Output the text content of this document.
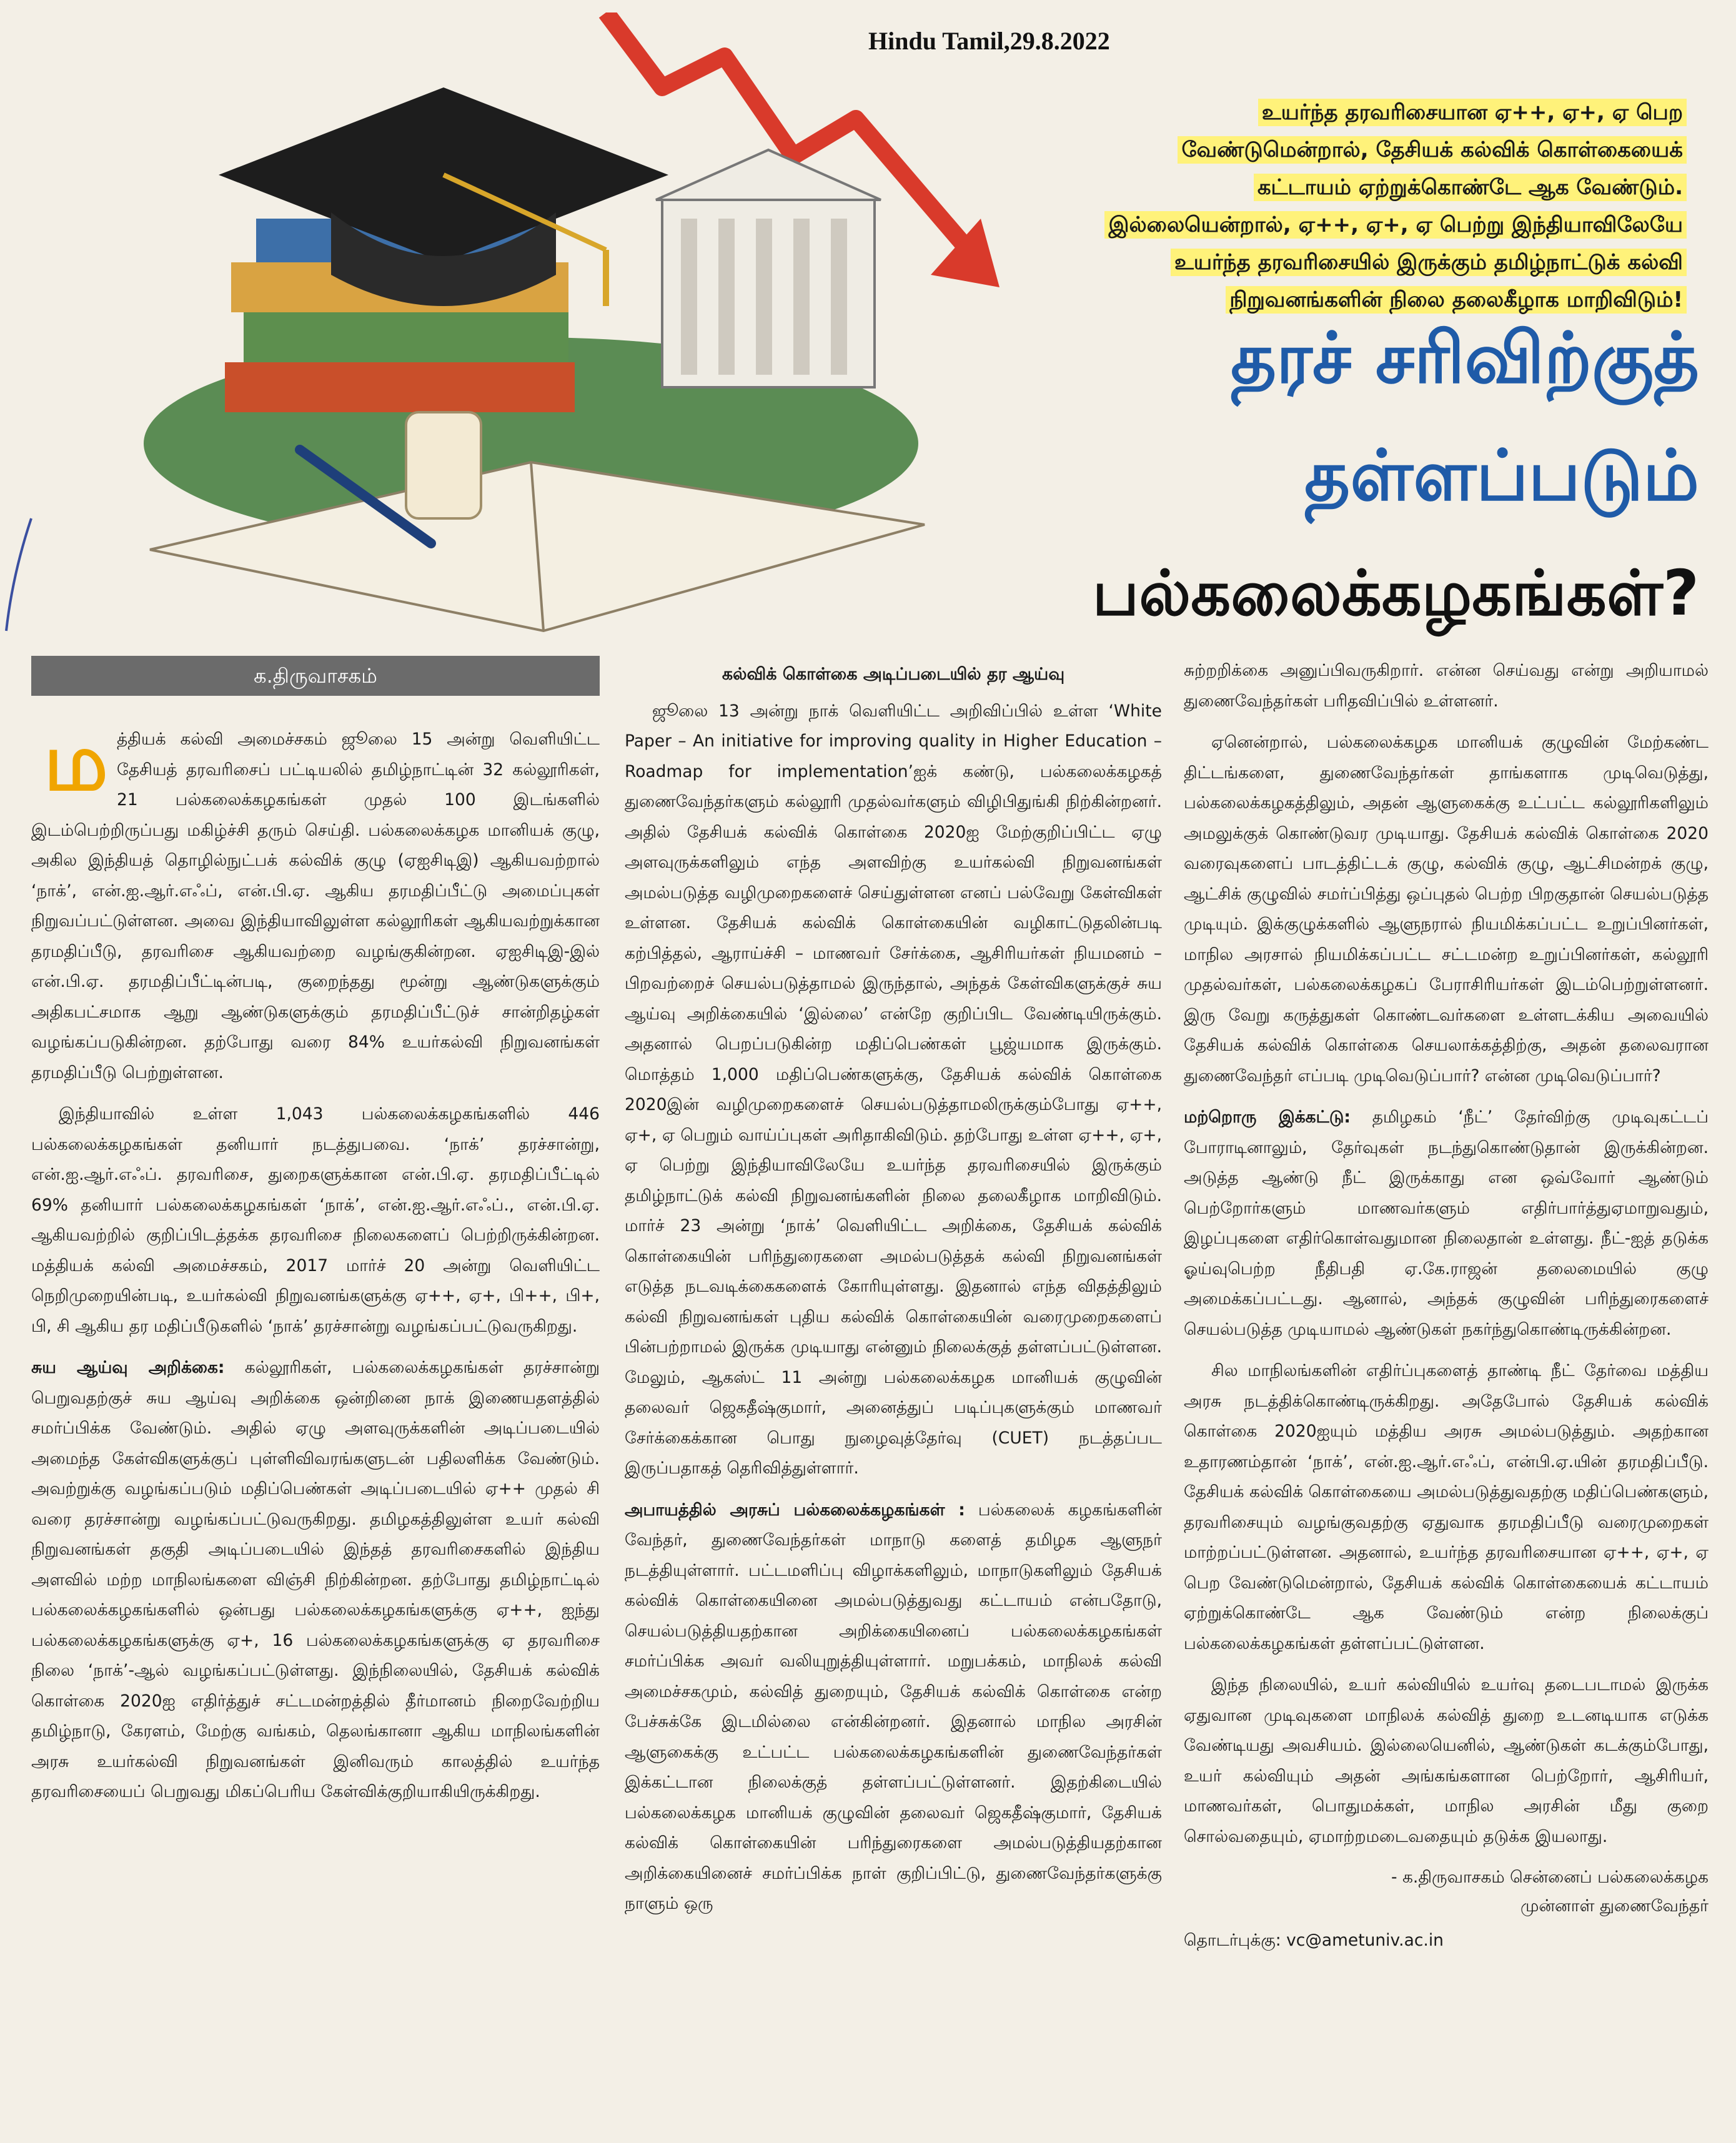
Hindu Tamil,29.8.2022
உயர்ந்த தரவரிசையான ஏ++, ஏ+, ஏ பெற
வேண்டுமென்றால், தேசியக் கல்விக் கொள்கையைக்
கட்டாயம் ஏற்றுக்கொண்டே ஆக வேண்டும்.
இல்லையென்றால், ஏ++, ஏ+, ஏ பெற்று இந்தியாவிலேயே
உயர்ந்த தரவரிசையில் இருக்கும் தமிழ்நாட்டுக் கல்வி
நிறுவனங்களின் நிலை தலைகீழாக மாறிவிடும்!
தரச் சரிவிற்குத்
தள்ளப்படும்
பல்கலைக்கழகங்கள்?
க.திருவாசகம்

மத்தியக் கல்வி அமைச்சகம் ஜூலை 15 அன்று வெளியிட்ட தேசியத் தரவரிசைப் பட்டியலில் தமிழ்நாட்டின் 32 கல்லூரிகள், 21 பல்கலைக்கழகங்கள் முதல் 100 இடங்களில் இடம்பெற்றிருப்பது மகிழ்ச்சி தரும் செய்தி. பல்கலைக்கழக மானியக் குழு, அகில இந்தியத் தொழில்நுட்பக் கல்விக் குழு (ஏஐசிடிஇ) ஆகியவற்றால் ‘நாக்’, என்.ஐ.ஆர்.எஃப், என்.பி.ஏ. ஆகிய தரமதிப்பீட்டு அமைப்புகள் நிறுவப்பட்டுள்ளன. அவை இந்தியாவிலுள்ள கல்லூரிகள் ஆகியவற்றுக்கான தரமதிப்பீடு, தரவரிசை ஆகியவற்றை வழங்குகின்றன. ஏஐசிடிஇ-இல் என்.பி.ஏ. தரமதிப்பீட்டின்படி, குறைந்தது மூன்று ஆண்டுகளுக்கும் அதிகபட்சமாக ஆறு ஆண்டுகளுக்கும் தரமதிப்பீட்டுச் சான்றிதழ்கள் வழங்கப்படுகின்றன. தற்போது வரை 84% உயர்கல்வி நிறுவனங்கள் தரமதிப்பீடு பெற்றுள்ளன.

இந்தியாவில் உள்ள 1,043 பல்கலைக்கழகங்களில் 446 பல்கலைக்கழகங்கள் தனியார் நடத்துபவை. ‘நாக்’ தரச்சான்று, என்.ஐ.ஆர்.எஃப். தரவரிசை, துறைகளுக்கான என்.பி.ஏ. தரமதிப்பீட்டில் 69% தனியார் பல்கலைக்கழகங்கள் ‘நாக்’, என்.ஐ.ஆர்.எஃப்., என்.பி.ஏ. ஆகியவற்றில் குறிப்பிடத்தக்க தரவரிசை நிலைகளைப் பெற்றிருக்கின்றன. மத்தியக் கல்வி அமைச்சகம், 2017 மார்ச் 20 அன்று வெளியிட்ட நெறிமுறையின்படி, உயர்கல்வி நிறுவனங்களுக்கு ஏ++, ஏ+, பி++, பி+, பி, சி ஆகிய தர மதிப்பீடுகளில் ‘நாக்’ தரச்சான்று வழங்கப்பட்டுவருகிறது.

சுய ஆய்வு அறிக்கை: கல்லூரிகள், பல்கலைக்கழகங்கள் தரச்சான்று பெறுவதற்குச் சுய ஆய்வு அறிக்கை ஒன்றினை நாக் இணையதளத்தில் சமர்ப்பிக்க வேண்டும். அதில் ஏழு அளவுருக்களின் அடிப்படையில் அமைந்த கேள்விகளுக்குப் புள்ளிவிவரங்களுடன் பதிலளிக்க வேண்டும். அவற்றுக்கு வழங்கப்படும் மதிப்பெண்கள் அடிப்படையில் ஏ++ முதல் சி வரை தரச்சான்று வழங்கப்பட்டுவருகிறது. தமிழகத்திலுள்ள உயர் கல்வி நிறுவனங்கள் தகுதி அடிப்படையில் இந்தத் தரவரிசைகளில் இந்திய அளவில் மற்ற மாநிலங்களை விஞ்சி நிற்கின்றன. தற்போது தமிழ்நாட்டில் பல்கலைக்கழகங்களில் ஒன்பது பல்கலைக்கழகங்களுக்கு ஏ++, ஐந்து பல்கலைக்கழகங்களுக்கு ஏ+, 16 பல்கலைக்கழகங்களுக்கு ஏ தரவரிசை நிலை ‘நாக்’-ஆல் வழங்கப்பட்டுள்ளது. இந்நிலையில், தேசியக் கல்விக் கொள்கை 2020ஐ எதிர்த்துச் சட்டமன்றத்தில் தீர்மானம் நிறைவேற்றிய தமிழ்நாடு, கேரளம், மேற்கு வங்கம், தெலங்கானா ஆகிய மாநிலங்களின் அரசு உயர்கல்வி நிறுவனங்கள் இனிவரும் காலத்தில் உயர்ந்த தரவரிசையைப் பெறுவது மிகப்பெரிய கேள்விக்குறியாகியிருக்கிறது.

கல்விக் கொள்கை அடிப்படையில் தர ஆய்வு

ஜூலை 13 அன்று நாக் வெளியிட்ட அறிவிப்பில் உள்ள ‘White Paper – An initiative for improving quality in Higher Education – Roadmap for implementation’ஐக் கண்டு, பல்கலைக்கழகத் துணைவேந்தர்களும் கல்லூரி முதல்வர்களும் விழிபிதுங்கி நிற்கின்றனர். அதில் தேசியக் கல்விக் கொள்கை 2020ஐ மேற்குறிப்பிட்ட ஏழு அளவுருக்களிலும் எந்த அளவிற்கு உயர்கல்வி நிறுவனங்கள் அமல்படுத்த வழிமுறைகளைச் செய்துள்ளன எனப் பல்வேறு கேள்விகள் உள்ளன. தேசியக் கல்விக் கொள்கையின் வழிகாட்டுதலின்படி கற்பித்தல், ஆராய்ச்சி – மாணவர் சேர்க்கை, ஆசிரியர்கள் நியமனம் – பிறவற்றைச் செயல்படுத்தாமல் இருந்தால், அந்தக் கேள்விகளுக்குச் சுய ஆய்வு அறிக்கையில் ‘இல்லை’ என்றே குறிப்பிட வேண்டியிருக்கும். அதனால் பெறப்படுகின்ற மதிப்பெண்கள் பூஜ்யமாக இருக்கும். மொத்தம் 1,000 மதிப்பெண்களுக்கு, தேசியக் கல்விக் கொள்கை 2020இன் வழிமுறைகளைச் செயல்படுத்தாமலிருக்கும்போது ஏ++, ஏ+, ஏ பெறும் வாய்ப்புகள் அரிதாகிவிடும். தற்போது உள்ள ஏ++, ஏ+, ஏ பெற்று இந்தியாவிலேயே உயர்ந்த தரவரிசையில் இருக்கும் தமிழ்நாட்டுக் கல்வி நிறுவனங்களின் நிலை தலைகீழாக மாறிவிடும். மார்ச் 23 அன்று ‘நாக்’ வெளியிட்ட அறிக்கை, தேசியக் கல்விக் கொள்கையின் பரிந்துரைகளை அமல்படுத்தக் கல்வி நிறுவனங்கள் எடுத்த நடவடிக்கைகளைக் கோரியுள்ளது. இதனால் எந்த விதத்திலும் கல்வி நிறுவனங்கள் புதிய கல்விக் கொள்கையின் வரைமுறைகளைப் பின்பற்றாமல் இருக்க முடியாது என்னும் நிலைக்குத் தள்ளப்பட்டுள்ளன. மேலும், ஆகஸ்ட் 11 அன்று பல்கலைக்கழக மானியக் குழுவின் தலைவர் ஜெகதீஷ்குமார், அனைத்துப் படிப்புகளுக்கும் மாணவர் சேர்க்கைக்கான பொது நுழைவுத்தேர்வு (CUET) நடத்தப்பட இருப்பதாகத் தெரிவித்துள்ளார்.

அபாயத்தில் அரசுப் பல்கலைக்கழகங்கள் : பல்கலைக் கழகங்களின் வேந்தர், துணைவேந்தர்கள் மாநாடு களைத் தமிழக ஆளுநர் நடத்தியுள்ளார். பட்டமளிப்பு விழாக்களிலும், மாநாடுகளிலும் தேசியக் கல்விக் கொள்கையினை அமல்படுத்துவது கட்டாயம் என்பதோடு, செயல்படுத்தியதற்கான அறிக்கையினைப் பல்கலைக்கழகங்கள் சமர்ப்பிக்க அவர் வலியுறுத்தியுள்ளார். மறுபக்கம், மாநிலக் கல்வி அமைச்சகமும், கல்வித் துறையும், தேசியக் கல்விக் கொள்கை என்ற பேச்சுக்கே இடமில்லை என்கின்றனர். இதனால் மாநில அரசின் ஆளுகைக்கு உட்பட்ட பல்கலைக்கழகங்களின் துணைவேந்தர்கள் இக்கட்டான நிலைக்குத் தள்ளப்பட்டுள்ளனர். இதற்கிடையில் பல்கலைக்கழக மானியக் குழுவின் தலைவர் ஜெகதீஷ்குமார், தேசியக் கல்விக் கொள்கையின் பரிந்துரைகளை அமல்படுத்தியதற்கான அறிக்கையினைச் சமர்ப்பிக்க நாள் குறிப்பிட்டு, துணைவேந்தர்களுக்கு நாளும் ஒரு

சுற்றறிக்கை அனுப்பிவருகிறார். என்ன செய்வது என்று அறியாமல் துணைவேந்தர்கள் பரிதவிப்பில் உள்ளனர்.

ஏனென்றால், பல்கலைக்கழக மானியக் குழுவின் மேற்கண்ட திட்டங்களை, துணைவேந்தர்கள் தாங்களாக முடிவெடுத்து, பல்கலைக்கழகத்திலும், அதன் ஆளுகைக்கு உட்பட்ட கல்லூரிகளிலும் அமலுக்குக் கொண்டுவர முடியாது. தேசியக் கல்விக் கொள்கை 2020 வரைவுகளைப் பாடத்திட்டக் குழு, கல்விக் குழு, ஆட்சிமன்றக் குழு, ஆட்சிக் குழுவில் சமர்ப்பித்து ஒப்புதல் பெற்ற பிறகுதான் செயல்படுத்த முடியும். இக்குழுக்களில் ஆளுநரால் நியமிக்கப்பட்ட உறுப்பினர்கள், மாநில அரசால் நியமிக்கப்பட்ட சட்டமன்ற உறுப்பினர்கள், கல்லூரி முதல்வர்கள், பல்கலைக்கழகப் பேராசிரியர்கள் இடம்பெற்றுள்ளனர். இரு வேறு கருத்துகள் கொண்டவர்களை உள்ளடக்கிய அவையில் தேசியக் கல்விக் கொள்கை செயலாக்கத்திற்கு, அதன் தலைவரான துணைவேந்தர் எப்படி முடிவெடுப்பார்? என்ன முடிவெடுப்பார்?

மற்றொரு இக்கட்டு: தமிழகம் ‘நீட்’ தேர்விற்கு முடிவுகட்டப் போராடினாலும், தேர்வுகள் நடந்துகொண்டுதான் இருக்கின்றன. அடுத்த ஆண்டு நீட் இருக்காது என ஒவ்வோர் ஆண்டும் பெற்றோர்களும் மாணவர்களும் எதிர்பார்த்துஏமாறுவதும், இழப்புகளை எதிர்கொள்வதுமான நிலைதான் உள்ளது. நீட்-ஐத் தடுக்க ஓய்வுபெற்ற நீதிபதி ஏ.கே.ராஜன் தலைமையில் குழு அமைக்கப்பட்டது. ஆனால், அந்தக் குழுவின் பரிந்துரைகளைச் செயல்படுத்த முடியாமல் ஆண்டுகள் நகர்ந்துகொண்டிருக்கின்றன.

சில மாநிலங்களின் எதிர்ப்புகளைத் தாண்டி நீட் தேர்வை மத்திய அரசு நடத்திக்கொண்டிருக்கிறது. அதேபோல் தேசியக் கல்விக் கொள்கை 2020ஐயும் மத்திய அரசு அமல்படுத்தும். அதற்கான உதாரணம்தான் ‘நாக்’, என்.ஐ.ஆர்.எஃப், என்பி.ஏ.யின் தரமதிப்பீடு. தேசியக் கல்விக் கொள்கையை அமல்படுத்துவதற்கு மதிப்பெண்களும், தரவரிசையும் வழங்குவதற்கு ஏதுவாக தரமதிப்பீடு வரைமுறைகள் மாற்றப்பட்டுள்ளன. அதனால், உயர்ந்த தரவரிசையான ஏ++, ஏ+, ஏ பெற வேண்டுமென்றால், தேசியக் கல்விக் கொள்கையைக் கட்டாயம் ஏற்றுக்கொண்டே ஆக வேண்டும் என்ற நிலைக்குப் பல்கலைக்கழகங்கள் தள்ளப்பட்டுள்ளன.

இந்த நிலையில், உயர் கல்வியில் உயர்வு தடைபடாமல் இருக்க ஏதுவான முடிவுகளை மாநிலக் கல்வித் துறை உடனடியாக எடுக்க வேண்டியது அவசியம். இல்லையெனில், ஆண்டுகள் கடக்கும்போது, உயர் கல்வியும் அதன் அங்கங்களான பெற்றோர், ஆசிரியர், மாணவர்கள், பொதுமக்கள், மாநில அரசின் மீது குறை சொல்வதையும், ஏமாற்றமடைவதையும் தடுக்க இயலாது.

- க.திருவாசகம் சென்னைப் பல்கலைக்கழக
முன்னாள் துணைவேந்தர்
தொடர்புக்கு: vc@ametuniv.ac.in
